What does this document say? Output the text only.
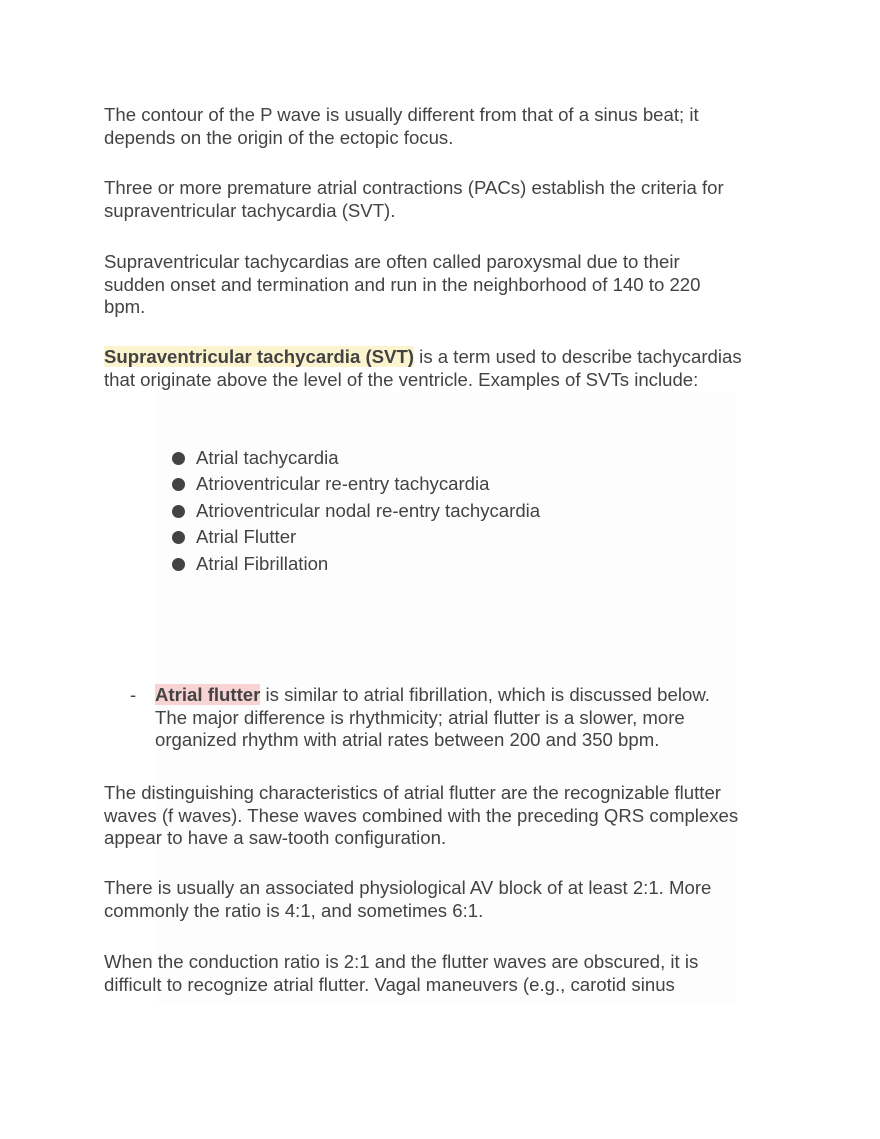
The contour of the P wave is usually different from that of a sinus beat; it depends on the origin of the ectopic focus.

Three or more premature atrial contractions (PACs) establish the criteria for supraventricular tachycardia (SVT).

Supraventricular tachycardias are often called paroxysmal due to their sudden onset and termination and run in the neighborhood of 140 to 220 bpm.

Supraventricular tachycardia (SVT) is a term used to describe tachycardias that originate above the level of the ventricle. Examples of SVTs include:

Atrial tachycardia
Atrioventricular re-entry tachycardia
Atrioventricular nodal re-entry tachycardia
Atrial Flutter
Atrial Fibrillation
- Atrial flutter is similar to atrial fibrillation, which is discussed below. The major difference is rhythmicity; atrial flutter is a slower, more organized rhythm with atrial rates between 200 and 350 bpm.

The distinguishing characteristics of atrial flutter are the recognizable flutter waves (f waves). These waves combined with the preceding QRS complexes appear to have a saw-tooth configuration.

There is usually an associated physiological AV block of at least 2:1. More commonly the ratio is 4:1, and sometimes 6:1.

When the conduction ratio is 2:1 and the flutter waves are obscured, it is difficult to recognize atrial flutter. Vagal maneuvers (e.g., carotid sinus
